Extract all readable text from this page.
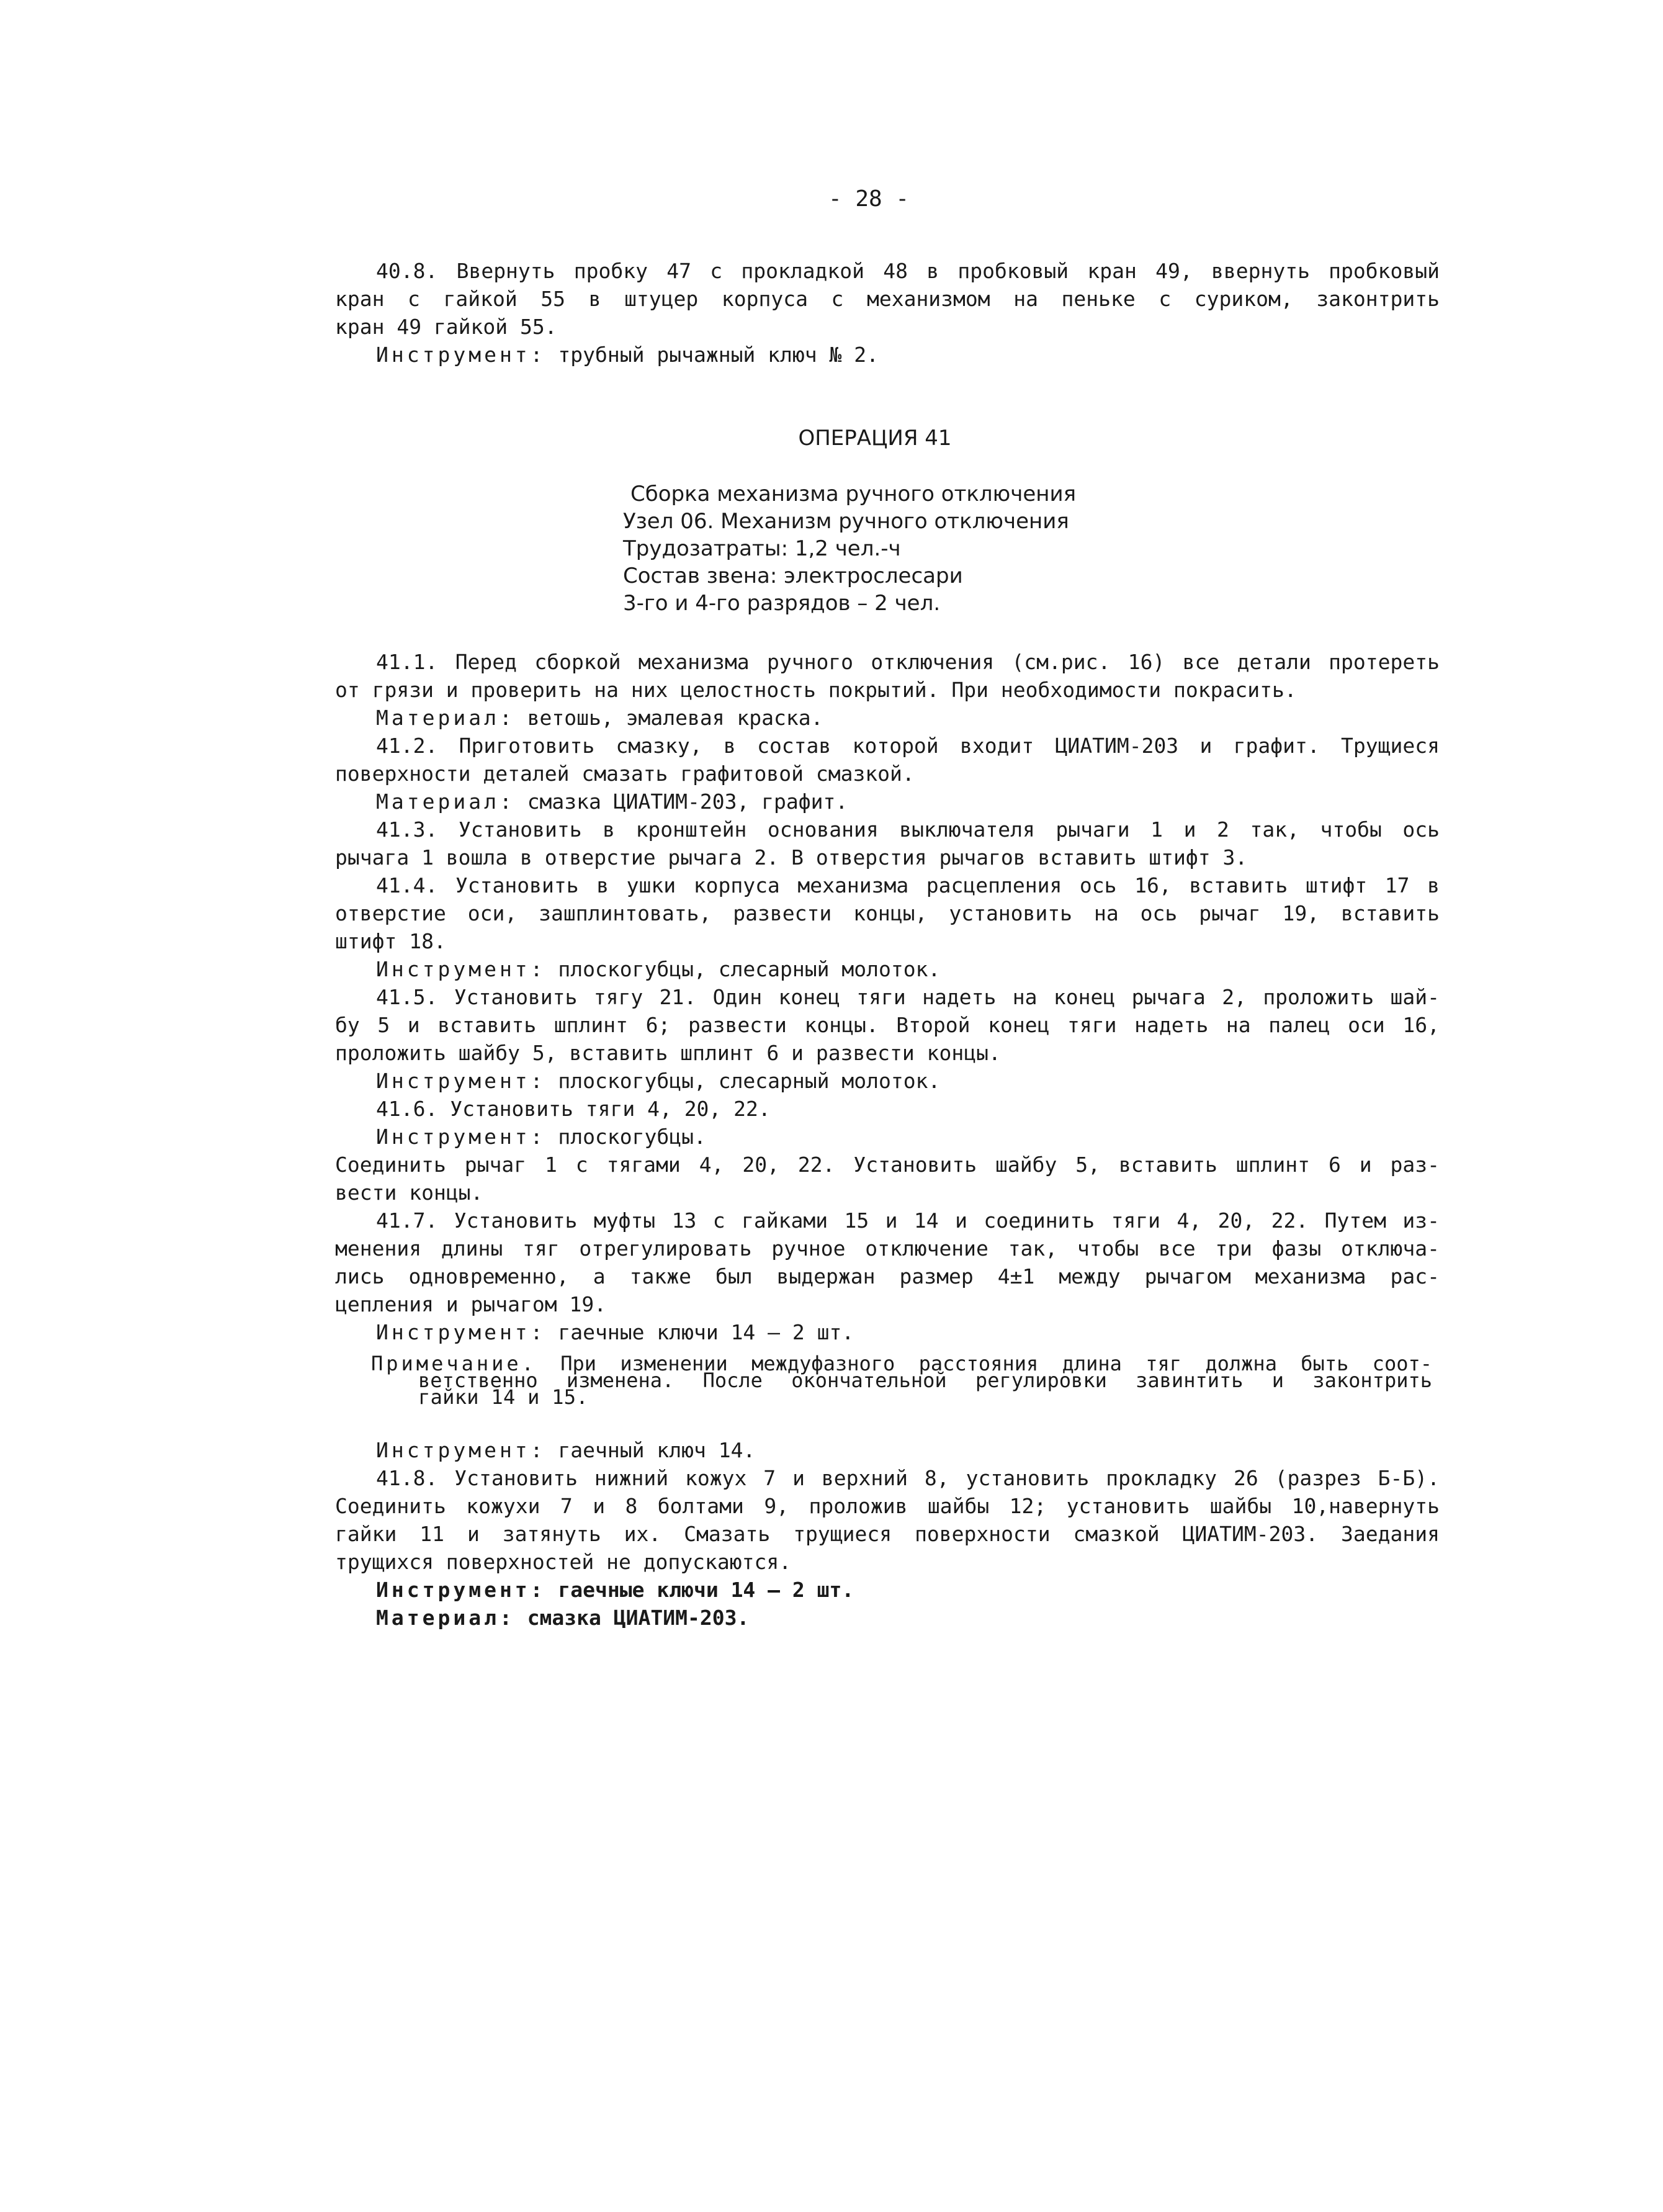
- 28 -
40.8. Ввернуть пробку 47 с прокладкой 48 в пробковый кран 49, ввернуть пробковый
кран с гайкой 55 в штуцер корпуса с механизмом на пеньке с суриком, законтрить
кран 49 гайкой 55.
Инструмент: трубный рычажный ключ № 2.
ОПЕРАЦИЯ 41
Сборка механизма ручного отключения
Узел 06. Механизм ручного отключения
Трудозатраты: 1,2 чел.-ч
Состав звена: электрослесари
3-го и 4-го разрядов – 2 чел.
41.1. Перед сборкой механизма ручного отключения (см.рис. 16) все детали протереть
от грязи и проверить на них целостность покрытий. При необходимости покрасить.
Материал: ветошь, эмалевая краска.
41.2. Приготовить смазку, в состав которой входит ЦИАТИМ-203 и графит. Трущиеся
поверхности деталей смазать графитовой смазкой.
Материал: смазка ЦИАТИМ-203, графит.
41.3. Установить в кронштейн основания выключателя рычаги 1 и 2 так, чтобы ось
рычага 1 вошла в отверстие рычага 2. В отверстия рычагов вставить штифт 3.
41.4. Установить в ушки корпуса механизма расцепления ось 16, вставить штифт 17 в
отверстие оси, зашплинтовать, развести концы, установить на ось рычаг 19, вставить
штифт 18.
Инструмент: плоскогубцы, слесарный молоток.
41.5. Установить тягу 21. Один конец тяги надеть на конец рычага 2, проложить шай-
бу 5 и вставить шплинт 6; развести концы. Второй конец тяги надеть на палец оси 16,
проложить шайбу 5, вставить шплинт 6 и развести концы.
Инструмент: плоскогубцы, слесарный молоток.
41.6. Установить тяги 4, 20, 22.
Инструмент: плоскогубцы.
Соединить рычаг 1 с тягами 4, 20, 22. Установить шайбу 5, вставить шплинт 6 и раз-
вести концы.
41.7. Установить муфты 13 с гайками 15 и 14 и соединить тяги 4, 20, 22. Путем из-
менения длины тяг отрегулировать ручное отключение так, чтобы все три фазы отключа-
лись одновременно, а также был выдержан размер 4±1 между рычагом механизма рас-
цепления и рычагом 19.
Инструмент: гаечные ключи 14 – 2 шт.
Примечание. При изменении междуфазного расстояния длина тяг должна быть соот-
ветственно изменена. После окончательной регулировки завинтить и законтрить
гайки 14 и 15.
Инструмент: гаечный ключ 14.
41.8. Установить нижний кожух 7 и верхний 8, установить прокладку 26 (разрез Б-Б).
Соединить кожухи 7 и 8 болтами 9, проложив шайбы 12; установить шайбы 10,навернуть
гайки 11 и затянуть их. Смазать трущиеся поверхности смазкой ЦИАТИМ-203. Заедания
трущихся поверхностей не допускаются.
Инструмент: гаечные ключи 14 – 2 шт.
Материал: смазка ЦИАТИМ-203.
